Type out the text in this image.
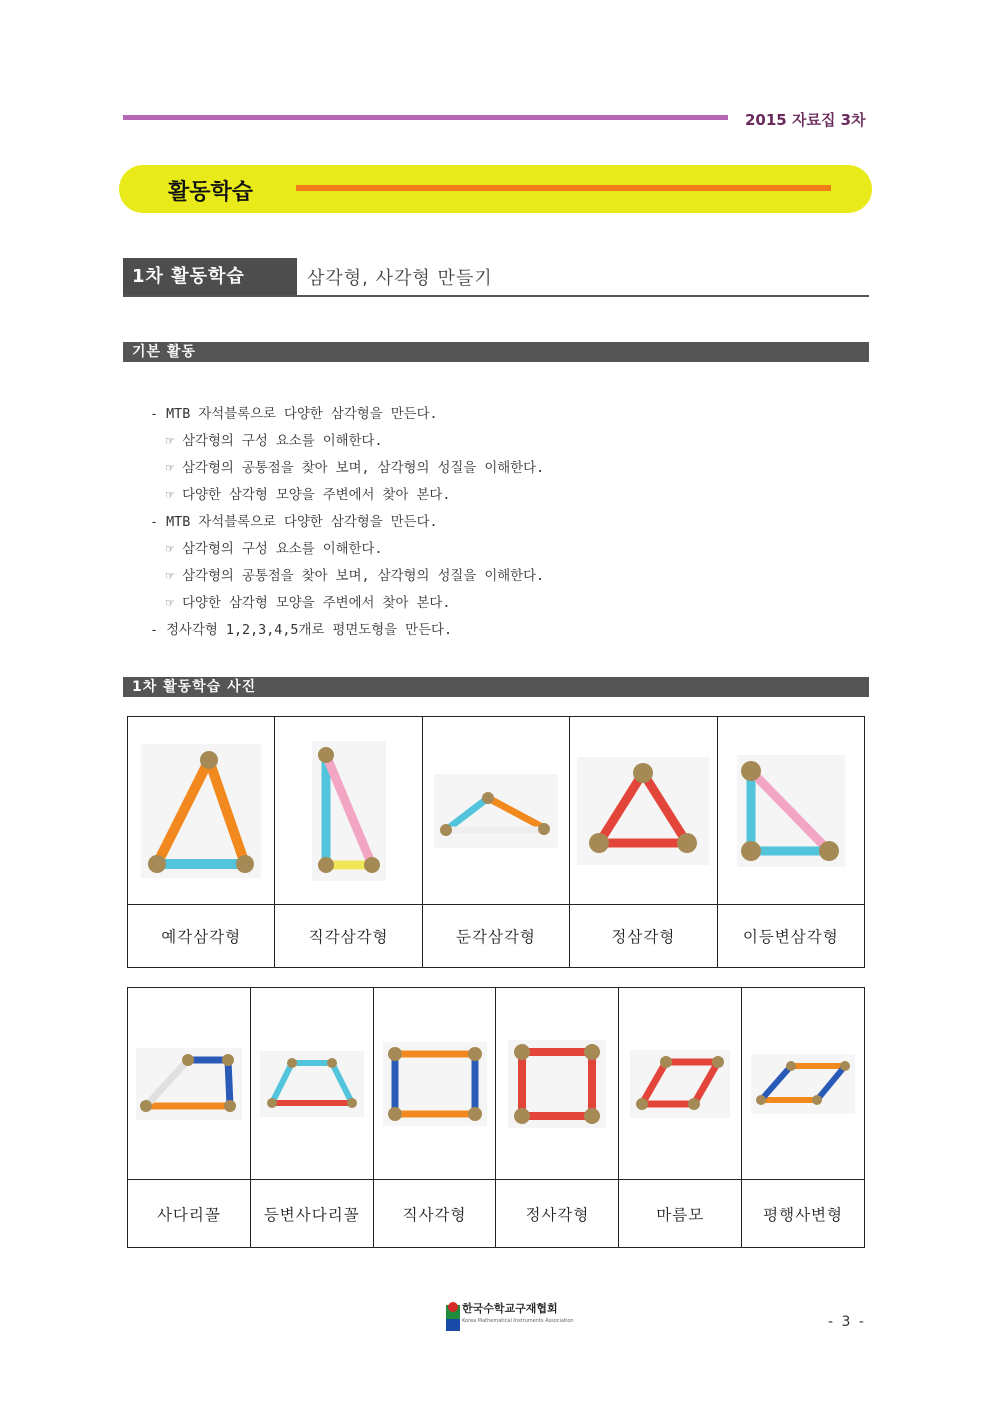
2015 자료집 3차
활동학습
1차 활동학습	삼각형, 사각형 만들기
기본 활동
- MTB 자석블록으로 다양한 삼각형을 만든다.
☞ 삼각형의 구성 요소를 이해한다.
☞ 삼각형의 공통점을 찾아 보며, 삼각형의 성질을 이해한다.
☞ 다양한 삼각형 모양을 주변에서 찾아 본다.
- MTB 자석블록으로 다양한 삼각형을 만든다.
☞ 삼각형의 구성 요소를 이해한다.
☞ 삼각형의 공통점을 찾아 보며, 삼각형의 성질을 이해한다.
☞ 다양한 삼각형 모양을 주변에서 찾아 본다.
- 정사각형 1,2,3,4,5개로 평면도형을 만든다.
1차 활동학습 사진

예각삼각형	직각삼각형	둔각삼각형	정삼각형	이등변삼각형

사다리꼴	등변사다리꼴	직사각형	정사각형	마름모	평행사변형
한국수학교구재협회
Korea Mathematical Instruments Association	- 3 -
